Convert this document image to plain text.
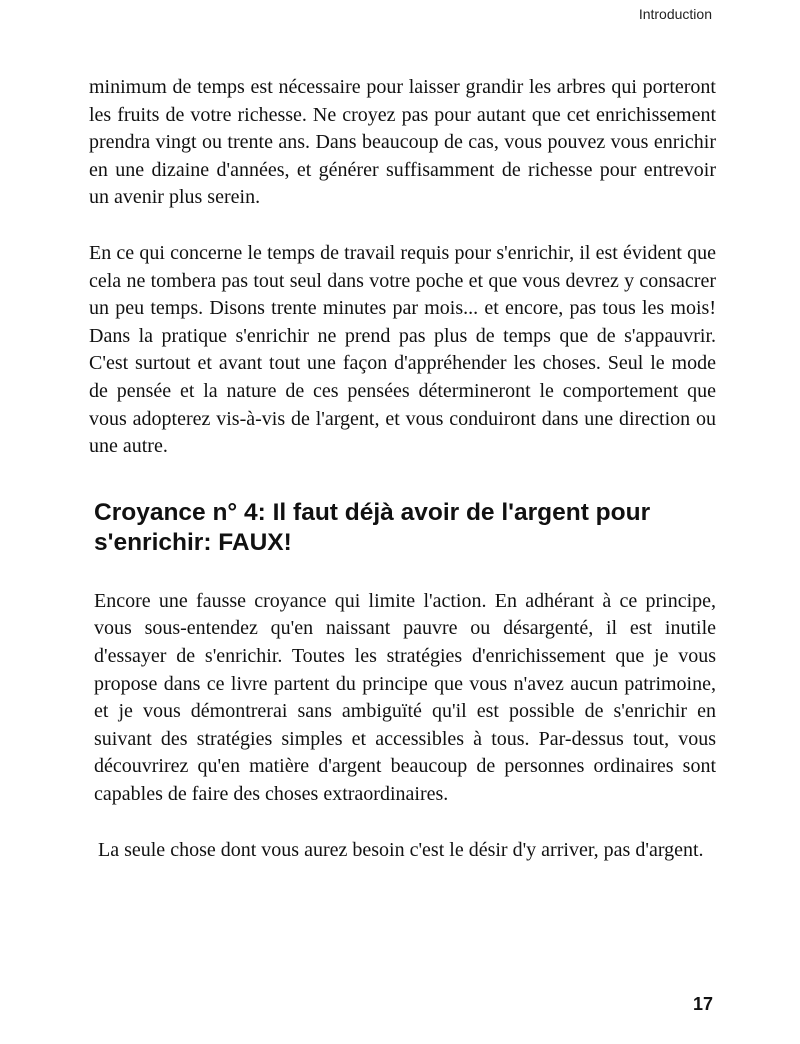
Introduction

minimum de temps est nécessaire pour laisser grandir les arbres qui porteront les fruits de votre richesse. Ne croyez pas pour autant que cet enrichissement prendra vingt ou trente ans. Dans beaucoup de cas, vous pouvez vous enrichir en une dizaine d'années, et générer suffisamment de richesse pour entrevoir un avenir plus serein.

En ce qui concerne le temps de travail requis pour s'enrichir, il est évident que cela ne tombera pas tout seul dans votre poche et que vous devrez y consacrer un peu temps. Disons trente minutes par mois... et encore, pas tous les mois! Dans la pratique s'enrichir ne prend pas plus de temps que de s'appauvrir. C'est surtout et avant tout une façon d'appréhender les choses. Seul le mode de pensée et la nature de ces pensées détermineront le comportement que vous adopterez vis-à-vis de l'argent, et vous conduiront dans une direction ou une autre.

Croyance n° 4: Il faut déjà avoir de l'argent pour s'enrichir: FAUX!

Encore une fausse croyance qui limite l'action. En adhérant à ce principe, vous sous-entendez qu'en naissant pauvre ou désargenté, il est inutile d'essayer de s'enrichir. Toutes les stratégies d'enrichissement que je vous propose dans ce livre partent du principe que vous n'avez aucun patrimoine, et je vous démontrerai sans ambiguïté qu'il est possible de s'enrichir en suivant des stratégies simples et accessibles à tous. Par-dessus tout, vous découvrirez qu'en matière d'argent beaucoup de personnes ordinaires sont capables de faire des choses extraordinaires.

La seule chose dont vous aurez besoin c'est le désir d'y arriver, pas d'argent.

17
